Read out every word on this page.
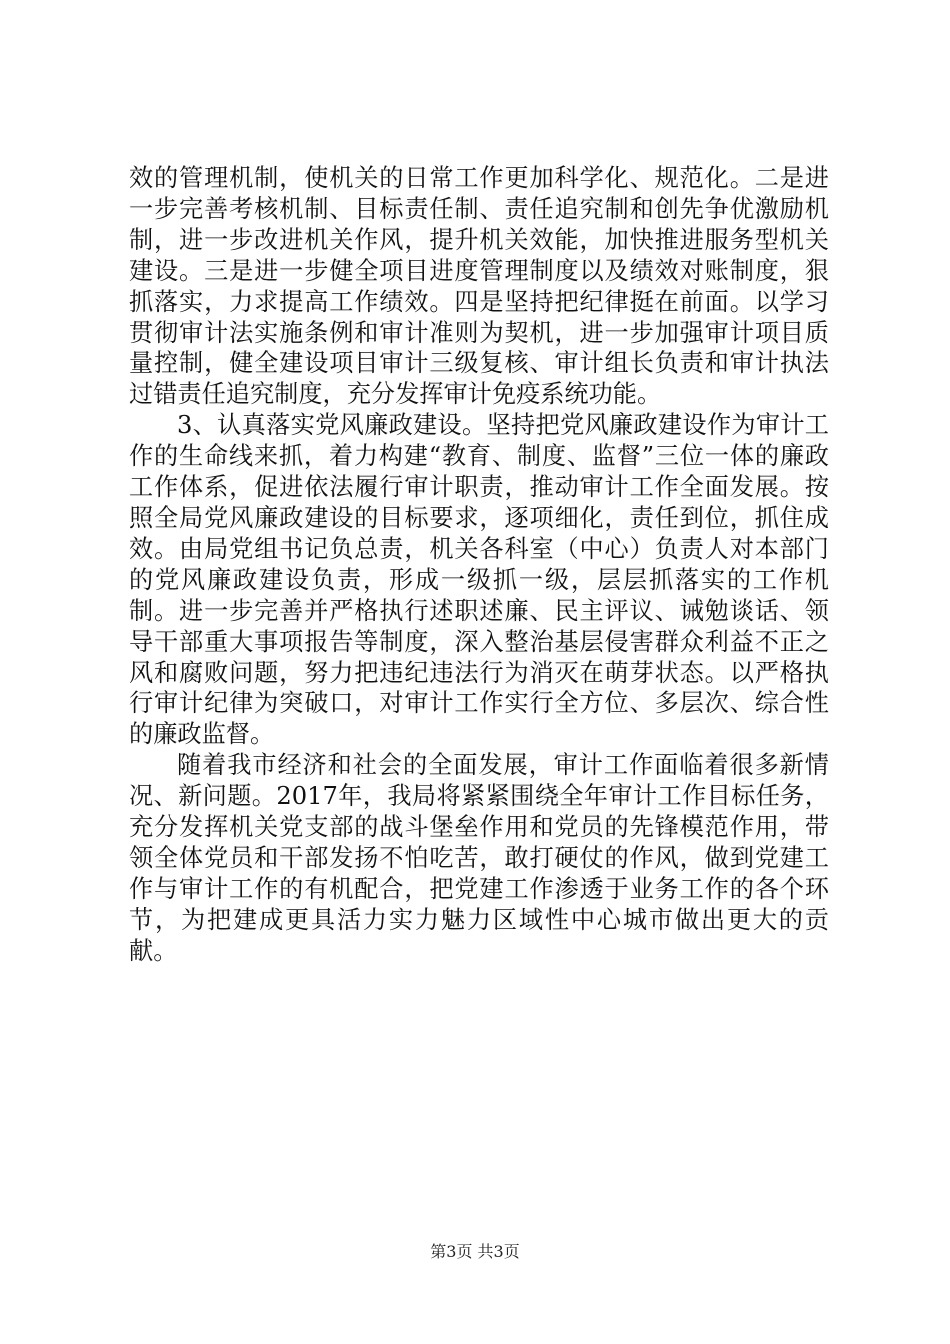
效的管理机制，使机关的日常工作更加科学化、规范化。二是进一步完善考核机制、目标责任制、责任追究制和创先争优激励机制，进一步改进机关作风，提升机关效能，加快推进服务型机关建设。三是进一步健全项目进度管理制度以及绩效对账制度，狠抓落实，力求提高工作绩效。四是坚持把纪律挺在前面。以学习贯彻审计法实施条例和审计准则为契机，进一步加强审计项目质量控制，健全建设项目审计三级复核、审计组长负责和审计执法过错责任追究制度，充分发挥审计免疫系统功能。

3、认真落实党风廉政建设。坚持把党风廉政建设作为审计工作的生命线来抓，着力构建“教育、制度、监督”三位一体的廉政工作体系，促进依法履行审计职责，推动审计工作全面发展。按照全局党风廉政建设的目标要求，逐项细化，责任到位，抓住成效。由局党组书记负总责，机关各科室（中心）负责人对本部门的党风廉政建设负责，形成一级抓一级，层层抓落实的工作机制。进一步完善并严格执行述职述廉、民主评议、诫勉谈话、领导干部重大事项报告等制度，深入整治基层侵害群众利益不正之风和腐败问题，努力把违纪违法行为消灭在萌芽状态。以严格执行审计纪律为突破口，对审计工作实行全方位、多层次、综合性的廉政监督。

随着我市经济和社会的全面发展，审计工作面临着很多新情况、新问题。2017年，我局将紧紧围绕全年审计工作目标任务，充分发挥机关党支部的战斗堡垒作用和党员的先锋模范作用，带领全体党员和干部发扬不怕吃苦，敢打硬仗的作风，做到党建工作与审计工作的有机配合，把党建工作渗透于业务工作的各个环节，为把建成更具活力实力魅力区域性中心城市做出更大的贡献。

第3页 共3页
